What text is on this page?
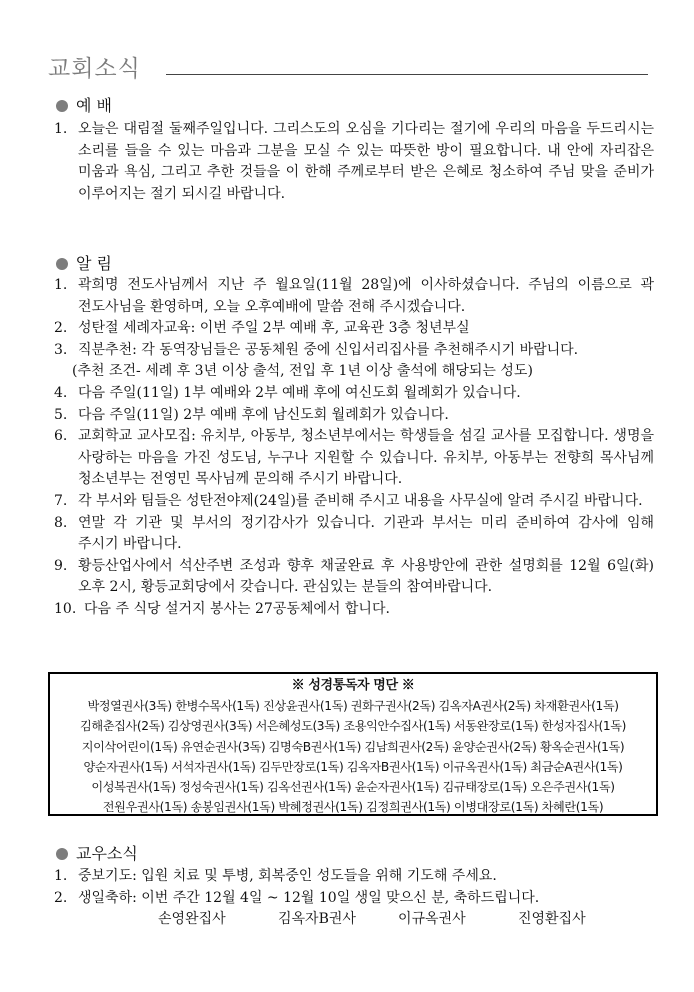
교회소식
예 배
1. 오늘은 대림절 둘째주일입니다. 그리스도의 오심을 기다리는 절기에 우리의 마음을 두드리시는 소리를 들을 수 있는 마음과 그분을 모실 수 있는 따뜻한 방이 필요합니다. 내 안에 자리잡은 미움과 욕심, 그리고 추한 것들을 이 한해 주께로부터 받은 은혜로 청소하여 주님 맞을 준비가 이루어지는 절기 되시길 바랍니다.
알 림
1. 곽희명 전도사님께서 지난 주 월요일(11월 28일)에 이사하셨습니다. 주님의 이름으로 곽 전도사님을 환영하며, 오늘 오후예배에 말씀 전해 주시겠습니다.
2. 성탄절 세례자교육: 이번 주일 2부 예배 후, 교육관 3층 청년부실
3. 직분추천: 각 동역장님들은 공동체원 중에 신입서리집사를 추천해주시기 바랍니다.
(추천 조건- 세례 후 3년 이상 출석, 전입 후 1년 이상 출석에 해당되는 성도)
4. 다음 주일(11일) 1부 예배와 2부 예배 후에 여신도회 월례회가 있습니다.
5. 다음 주일(11일) 2부 예배 후에 남신도회 월례회가 있습니다.
6. 교회학교 교사모집: 유치부, 아동부, 청소년부에서는 학생들을 섬길 교사를 모집합니다. 생명을 사랑하는 마음을 가진 성도님, 누구나 지원할 수 있습니다. 유치부, 아동부는 전향희 목사님께 청소년부는 전영민 목사님께 문의해 주시기 바랍니다.
7. 각 부서와 팀들은 성탄전야제(24일)를 준비해 주시고 내용을 사무실에 알려 주시길 바랍니다.
8. 연말 각 기관 및 부서의 정기감사가 있습니다. 기관과 부서는 미리 준비하여 감사에 임해 주시기 바랍니다.
9. 황등산업사에서 석산주변 조성과 향후 채굴완료 후 사용방안에 관한 설명회를 12월 6일(화) 오후 2시, 황등교회당에서 갖습니다. 관심있는 분들의 참여바랍니다.
10. 다음 주 식당 설거지 봉사는 27공동체에서 합니다.
※ 성경통독자 명단 ※
박정열권사(3독) 한병수목사(1독) 진상윤권사(1독) 권화구권사(2독) 김옥자A권사(2독) 차재환권사(1독)
김해춘집사(2독) 김상영권사(3독) 서은혜성도(3독) 조용익안수집사(1독) 서동완장로(1독) 한성자집사(1독)
지이삭어린이(1독) 유연순권사(3독) 김명숙B권사(1독) 김남희권사(2독) 윤양순권사(2독) 황옥순권사(1독)
양순자권사(1독) 서석자권사(1독) 김두만장로(1독) 김옥자B권사(1독) 이규옥권사(1독) 최금순A권사(1독)
이성복권사(1독) 정성숙권사(1독) 김옥선권사(1독) 윤순자권사(1독) 김규태장로(1독) 오은주권사(1독)
전원우권사(1독) 송봉임권사(1독) 박혜정권사(1독) 김정희권사(1독) 이병대장로(1독) 차혜란(1독)
교우소식
1. 중보기도: 입원 치료 및 투병, 회복중인 성도들을 위해 기도해 주세요.
2. 생일축하: 이번 주간 12월 4일 ~ 12월 10일 생일 맞으신 분, 축하드립니다.
손영완집사	김옥자B권사	이규옥권사	진영환집사
